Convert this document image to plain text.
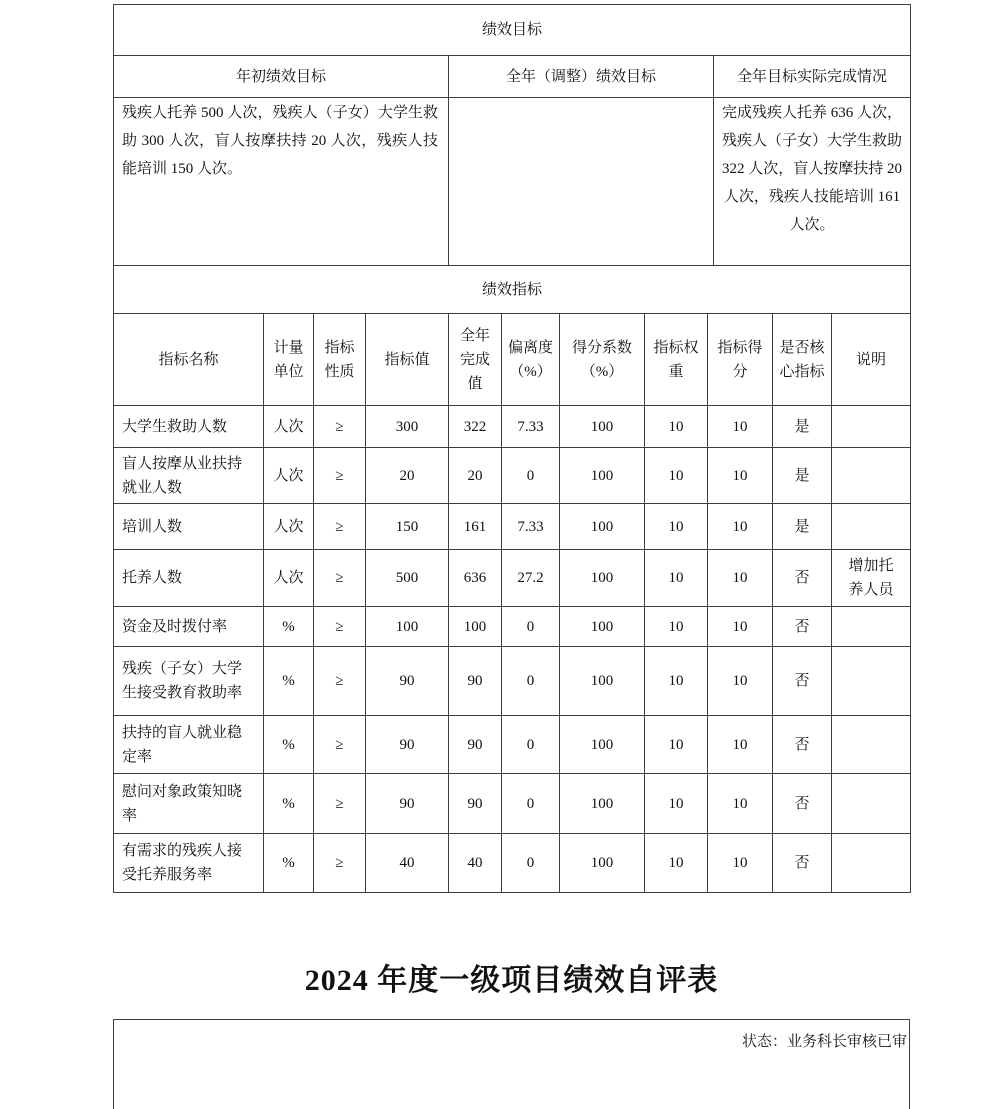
绩效目标		
年初绩效目标	全年（调整）绩效目标	全年目标实际完成情况
残疾人托养 500 人次，残疾人（子女）大学生救助 300 人次，盲人按摩扶持 20 人次，残疾人技能培训 150 人次。		完成残疾人托养 636 人次，残疾人（子女）大学生救助 322 人次，盲人按摩扶持 20 人次，残疾人技能培训 161 人次。
绩效指标										
指标名称	计量单位	指标性质	指标值	全年完成值	偏离度（%）	得分系数（%）	指标权重	指标得分	是否核心指标	说明
大学生救助人数	人次	≥	300	322	7.33	100	10	10	是	
盲人按摩从业扶持就业人数	人次	≥	20	20	0	100	10	10	是	
培训人数	人次	≥	150	161	7.33	100	10	10	是	
托养人数	人次	≥	500	636	27.2	100	10	10	否	增加托养人员
资金及时拨付率	%	≥	100	100	0	100	10	10	否	
残疾（子女）大学生接受教育救助率	%	≥	90	90	0	100	10	10	否	
扶持的盲人就业稳定率	%	≥	90	90	0	100	10	10	否	
慰问对象政策知晓率	%	≥	90	90	0	100	10	10	否	
有需求的残疾人接受托养服务率	%	≥	40	40	0	100	10	10	否	
2024 年度一级项目绩效自评表
状态：业务科长审核已审
